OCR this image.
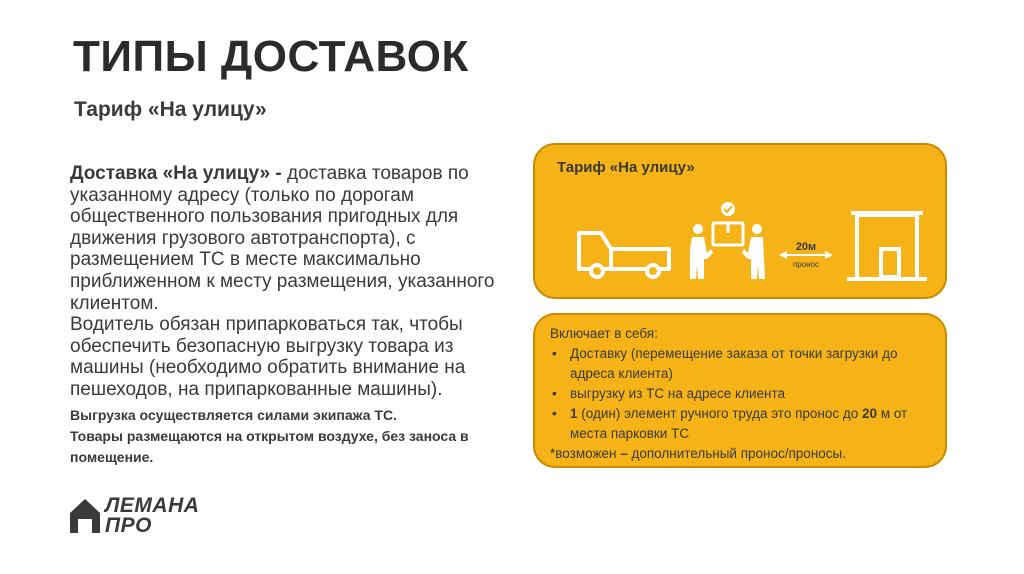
ТИПЫ ДОСТАВОК
Тариф «На улицу»

Доставка «На улицу» - доставка товаров по указанному адресу (только по дорогам общественного пользования пригодных для движения грузового автотранспорта), с размещением ТС в месте максимально приближенном к месту размещения, указанного клиентом.

Водитель обязан припарковаться так, чтобы обеспечить безопасную выгрузку товара из машины (необходимо обратить внимание на пешеходов, на припаркованные машины).

Выгрузка осуществляется силами экипажа ТС.

Товары размещаются на открытом воздухе, без заноса в помещение.

ЛЕМАНА
ПРО
Тариф «На улицу»
20м
пронос

Включает в себя:

• Доставку (перемещение заказа от точки загрузки до адреса клиента)
• выгрузку из ТС на адресе клиента
• 1 (один) элемент ручного труда это пронос до 20 м от места парковки ТС

*возможен – дополнительный пронос/проносы.
